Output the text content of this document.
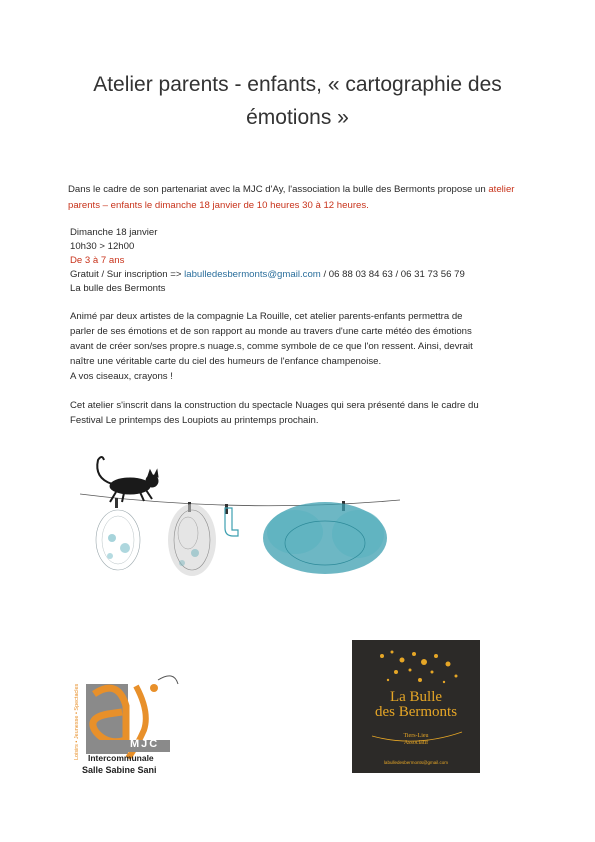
Atelier parents - enfants, « cartographie des
émotions »
Dans le cadre de son partenariat avec la MJC d'Ay, l'association la bulle des Bermonts propose un atelier parents – enfants le dimanche 18 janvier de 10 heures 30 à 12 heures.
Dimanche 18 janvier
10h30 > 12h00
De 3 à 7 ans
Gratuit / Sur inscription => labulledesbermonts@gmail.com / 06 88 03 84 63 / 06 31 73 56 79
La bulle des Bermonts
Animé par deux artistes de la compagnie La Rouille, cet atelier parents-enfants permettra de
parler de ses émotions et de son rapport au monde au travers d'une carte météo des émotions
avant de créer son/ses propre.s nuage.s, comme symbole de ce que l'on ressent. Ainsi, devrait
naître une véritable carte du ciel des humeurs de l'enfance champenoise.
A vos ciseaux, crayons !
Cet atelier s'inscrit dans la construction du spectacle Nuages qui sera présenté dans le cadre du
Festival Le printemps des Loupiots au printemps prochain.
Loisirs • Jeunesse • Spectacles	MJC
Intercommunale
Salle Sabine Sani
La Bulle
des Bermonts
Tiers-Lieu
Associatif
labulledesbermonts@gmail.com
